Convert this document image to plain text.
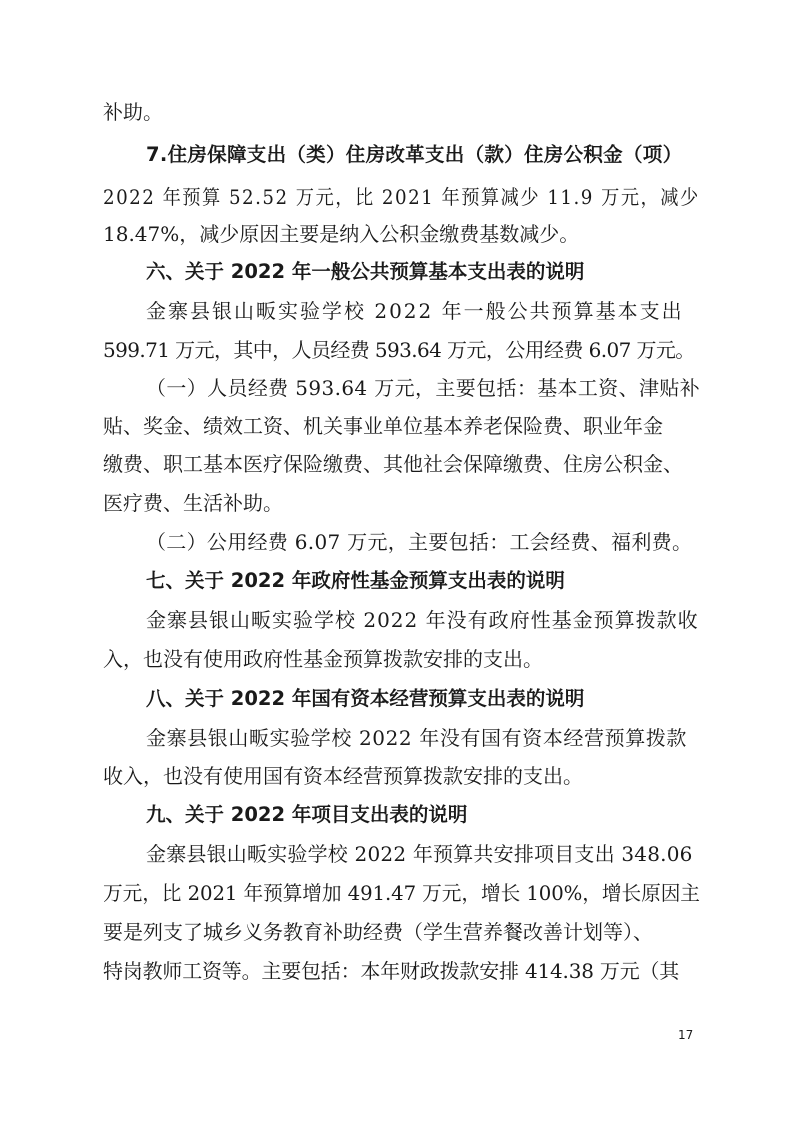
补助。
7.住房保障支出（类）住房改革支出（款）住房公积金（项）
2022 年预算 52.52 万元，比 2021 年预算减少 11.9 万元，减少
18.47%，减少原因主要是纳入公积金缴费基数减少。
六、关于 2022 年一般公共预算基本支出表的说明
金寨县银山畈实验学校 2022 年一般公共预算基本支出
599.71 万元，其中，人员经费 593.64 万元，公用经费 6.07 万元。
（一）人员经费 593.64 万元，主要包括：基本工资、津贴补
贴、奖金、绩效工资、机关事业单位基本养老保险费、职业年金
缴费、职工基本医疗保险缴费、其他社会保障缴费、住房公积金、
医疗费、生活补助。
（二）公用经费 6.07 万元，主要包括：工会经费、福利费。
七、关于 2022 年政府性基金预算支出表的说明
金寨县银山畈实验学校 2022 年没有政府性基金预算拨款收
入，也没有使用政府性基金预算拨款安排的支出。
八、关于 2022 年国有资本经营预算支出表的说明
金寨县银山畈实验学校 2022 年没有国有资本经营预算拨款
收入，也没有使用国有资本经营预算拨款安排的支出。
九、关于 2022 年项目支出表的说明
金寨县银山畈实验学校 2022 年预算共安排项目支出 348.06
万元，比 2021 年预算增加 491.47 万元，增长 100%，增长原因主
要是列支了城乡义务教育补助经费（学生营养餐改善计划等）、
特岗教师工资等。主要包括：本年财政拨款安排 414.38 万元（其
17
